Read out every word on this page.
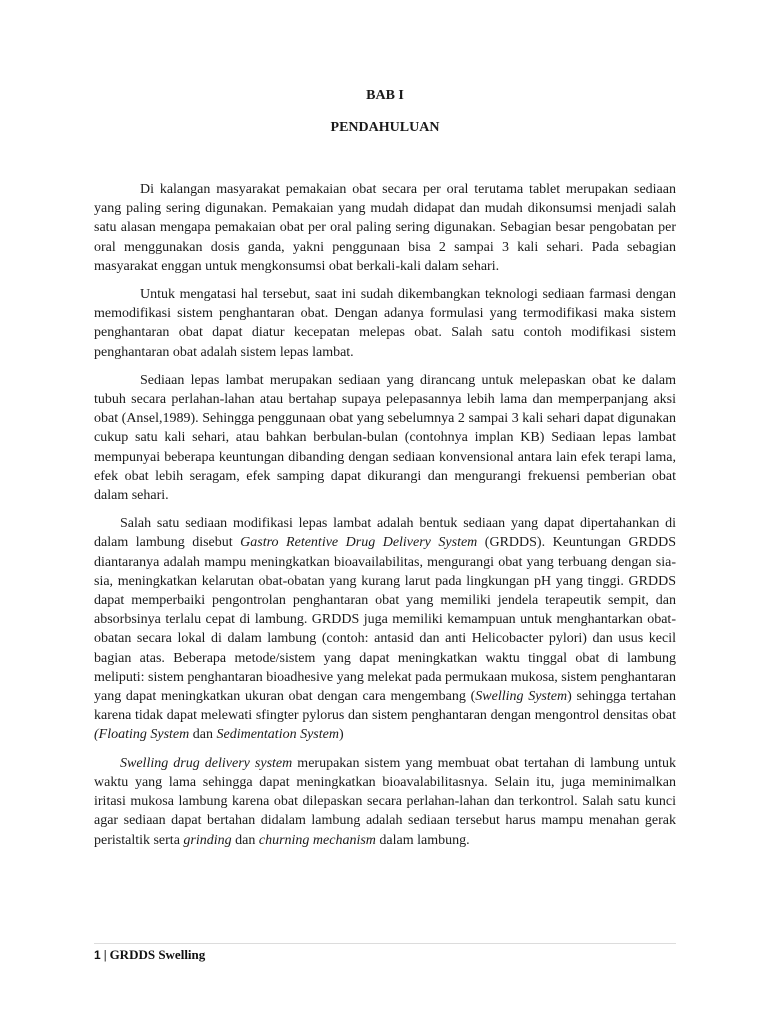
BAB I
PENDAHULUAN

Di kalangan masyarakat pemakaian obat secara per oral terutama tablet merupakan sediaan yang paling sering digunakan. Pemakaian yang mudah didapat dan mudah dikonsumsi menjadi salah satu alasan mengapa pemakaian obat per oral paling sering digunakan. Sebagian besar pengobatan per oral menggunakan dosis ganda, yakni penggunaan bisa 2 sampai 3 kali sehari. Pada sebagian masyarakat enggan untuk mengkonsumsi obat berkali-kali dalam sehari.

Untuk mengatasi hal tersebut, saat ini sudah dikembangkan teknologi sediaan farmasi dengan memodifikasi sistem penghantaran obat. Dengan adanya formulasi yang termodifikasi maka sistem penghantaran obat dapat diatur kecepatan melepas obat. Salah satu contoh modifikasi sistem penghantaran obat adalah sistem lepas lambat.

Sediaan lepas lambat merupakan sediaan yang dirancang untuk melepaskan obat ke dalam tubuh secara perlahan-lahan atau bertahap supaya pelepasannya lebih lama dan memperpanjang aksi obat (Ansel,1989). Sehingga penggunaan obat yang sebelumnya 2 sampai 3 kali sehari dapat digunakan cukup satu kali sehari, atau bahkan berbulan-bulan (contohnya implan KB) Sediaan lepas lambat mempunyai beberapa keuntungan dibanding dengan sediaan konvensional antara lain efek terapi lama, efek obat lebih seragam, efek samping dapat dikurangi dan mengurangi frekuensi pemberian obat dalam sehari.

Salah satu sediaan modifikasi lepas lambat adalah bentuk sediaan yang dapat dipertahankan di dalam lambung disebut Gastro Retentive Drug Delivery System (GRDDS). Keuntungan GRDDS diantaranya adalah mampu meningkatkan bioavailabilitas, mengurangi obat yang terbuang dengan sia-sia, meningkatkan kelarutan obat-obatan yang kurang larut pada lingkungan pH yang tinggi. GRDDS dapat memperbaiki pengontrolan penghantaran obat yang memiliki jendela terapeutik sempit, dan absorbsinya terlalu cepat di lambung. GRDDS juga memiliki kemampuan untuk menghantarkan obat-obatan secara lokal di dalam lambung (contoh: antasid dan anti Helicobacter pylori) dan usus kecil bagian atas. Beberapa metode/sistem yang dapat meningkatkan waktu tinggal obat di lambung meliputi: sistem penghantaran bioadhesive yang melekat pada permukaan mukosa, sistem penghantaran yang dapat meningkatkan ukuran obat dengan cara mengembang (Swelling System) sehingga tertahan karena tidak dapat melewati sfingter pylorus dan sistem penghantaran dengan mengontrol densitas obat (Floating System dan Sedimentation System)

Swelling drug delivery system merupakan sistem yang membuat obat tertahan di lambung untuk waktu yang lama sehingga dapat meningkatkan bioavalabilitasnya. Selain itu, juga meminimalkan iritasi mukosa lambung karena obat dilepaskan secara perlahan-lahan dan terkontrol. Salah satu kunci agar sediaan dapat bertahan didalam lambung adalah sediaan tersebut harus mampu menahan gerak peristaltik serta grinding dan churning mechanism dalam lambung.

1 | GRDDS Swelling
